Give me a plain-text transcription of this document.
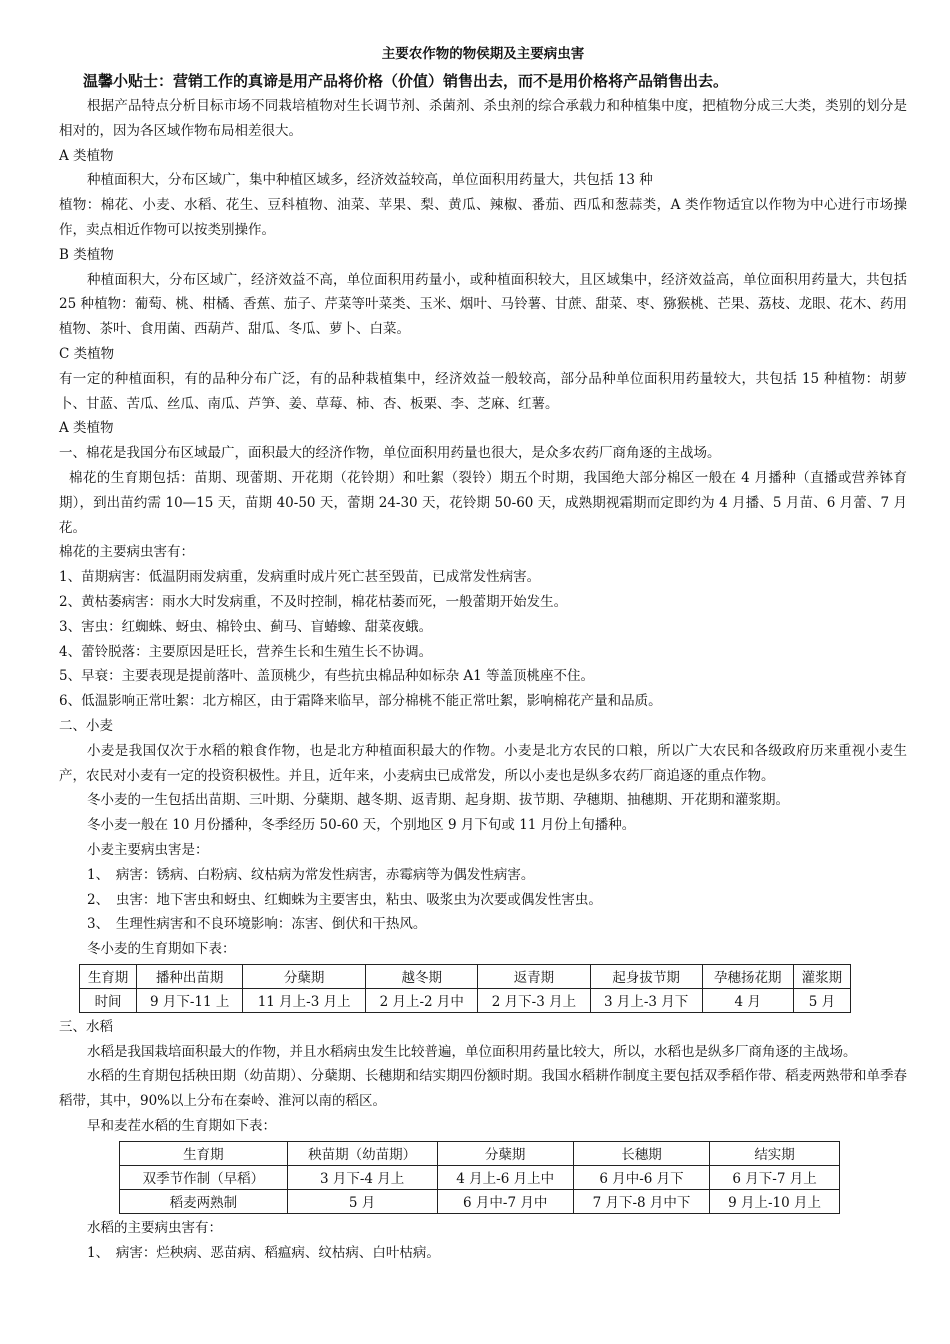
主要农作物的物侯期及主要病虫害
温馨小贴士：营销工作的真谛是用产品将价格（价值）销售出去，而不是用价格将产品销售出去。

根据产品特点分析目标市场不同栽培植物对生长调节剂、杀菌剂、杀虫剂的综合承载力和种植集中度，把植物分成三大类，类别的划分是相对的，因为各区域作物布局相差很大。

A 类植物

种植面积大，分布区域广，集中种植区域多，经济效益较高，单位面积用药量大，共包括 13 种

植物：棉花、小麦、水稻、花生、豆科植物、油菜、苹果、梨、黄瓜、辣椒、番茄、西瓜和葱蒜类，A 类作物适宜以作物为中心进行市场操作，卖点相近作物可以按类别操作。

B 类植物

种植面积大，分布区域广，经济效益不高，单位面积用药量小，或种植面积较大，且区域集中，经济效益高，单位面积用药量大，共包括 25 种植物：葡萄、桃、柑橘、香蕉、茄子、芹菜等叶菜类、玉米、烟叶、马铃薯、甘蔗、甜菜、枣、猕猴桃、芒果、荔枝、龙眼、花木、药用植物、茶叶、食用菌、西葫芦、甜瓜、冬瓜、萝卜、白菜。

C 类植物

有一定的种植面积，有的品种分布广泛，有的品种栽植集中，经济效益一般较高，部分品种单位面积用药量较大，共包括 15 种植物：胡萝卜、甘蓝、苦瓜、丝瓜、南瓜、芦笋、姜、草莓、柿、杏、板栗、李、芝麻、红薯。

A 类植物

一、棉花是我国分布区域最广，面积最大的经济作物，单位面积用药量也很大，是众多农药厂商角逐的主战场。

棉花的生育期包括：苗期、现蕾期、开花期（花铃期）和吐絮（裂铃）期五个时期，我国绝大部分棉区一般在 4 月播种（直播或营养钵育期），到出苗约需 10—15 天，苗期 40-50 天，蕾期 24-30 天，花铃期 50-60 天，成熟期视霜期而定即约为 4 月播、5 月苗、6 月蕾、7 月花。

棉花的主要病虫害有：

1、苗期病害：低温阴雨发病重，发病重时成片死亡甚至毁苗，已成常发性病害。

2、黄枯萎病害：雨水大时发病重，不及时控制，棉花枯萎而死，一般蕾期开始发生。

3、害虫：红蜘蛛、蚜虫、棉铃虫、蓟马、盲蝽蟓、甜菜夜蛾。

4、蕾铃脱落：主要原因是旺长，营养生长和生殖生长不协调。

5、早衰：主要表现是提前落叶、盖顶桃少，有些抗虫棉品种如标杂 A1 等盖顶桃座不住。

6、低温影响正常吐絮：北方棉区，由于霜降来临早，部分棉桃不能正常吐絮，影响棉花产量和品质。

二、小麦

小麦是我国仅次于水稻的粮食作物，也是北方种植面积最大的作物。小麦是北方农民的口粮，所以广大农民和各级政府历来重视小麦生产，农民对小麦有一定的投资积极性。并且，近年来，小麦病虫已成常发，所以小麦也是纵多农药厂商追逐的重点作物。

冬小麦的一生包括出苗期、三叶期、分蘖期、越冬期、返青期、起身期、拔节期、孕穗期、抽穗期、开花期和灌浆期。

冬小麦一般在 10 月份播种，冬季经历 50-60 天，个别地区 9 月下旬或 11 月份上旬播种。

小麦主要病虫害是：

1、　病害：锈病、白粉病、纹枯病为常发性病害，赤霉病等为偶发性病害。

2、　虫害：地下害虫和蚜虫、红蜘蛛为主要害虫，粘虫、吸浆虫为次要或偶发性害虫。

3、　生理性病害和不良环境影响：冻害、倒伏和干热风。

冬小麦的生育期如下表：

生育期	播种出苗期	分蘖期	越冬期	返青期	起身拔节期	孕穗扬花期	灌浆期
时间	9 月下-11 上	11 月上-3 月上	2 月上-2 月中	2 月下-3 月上	3 月上-3 月下	4 月	5 月

三、水稻

水稻是我国栽培面积最大的作物，并且水稻病虫发生比较普遍，单位面积用药量比较大，所以，水稻也是纵多厂商角逐的主战场。

水稻的生育期包括秧田期（幼苗期）、分蘖期、长穗期和结实期四份额时期。我国水稻耕作制度主要包括双季稻作带、稻麦两熟带和单季春稻带，其中，90%以上分布在秦岭、淮河以南的稻区。

早和麦茬水稻的生育期如下表：

生育期	秧苗期（幼苗期）	分蘖期	长穗期	结实期
双季节作制（早稻）	3 月下-4 月上	4 月上-6 月上中	6 月中-6 月下	6 月下-7 月上
稻麦两熟制	5 月	6 月中-7 月中	7 月下-8 月中下	9 月上-10 月上

水稻的主要病虫害有：

1、　病害：烂秧病、恶苗病、稻瘟病、纹枯病、白叶枯病。
